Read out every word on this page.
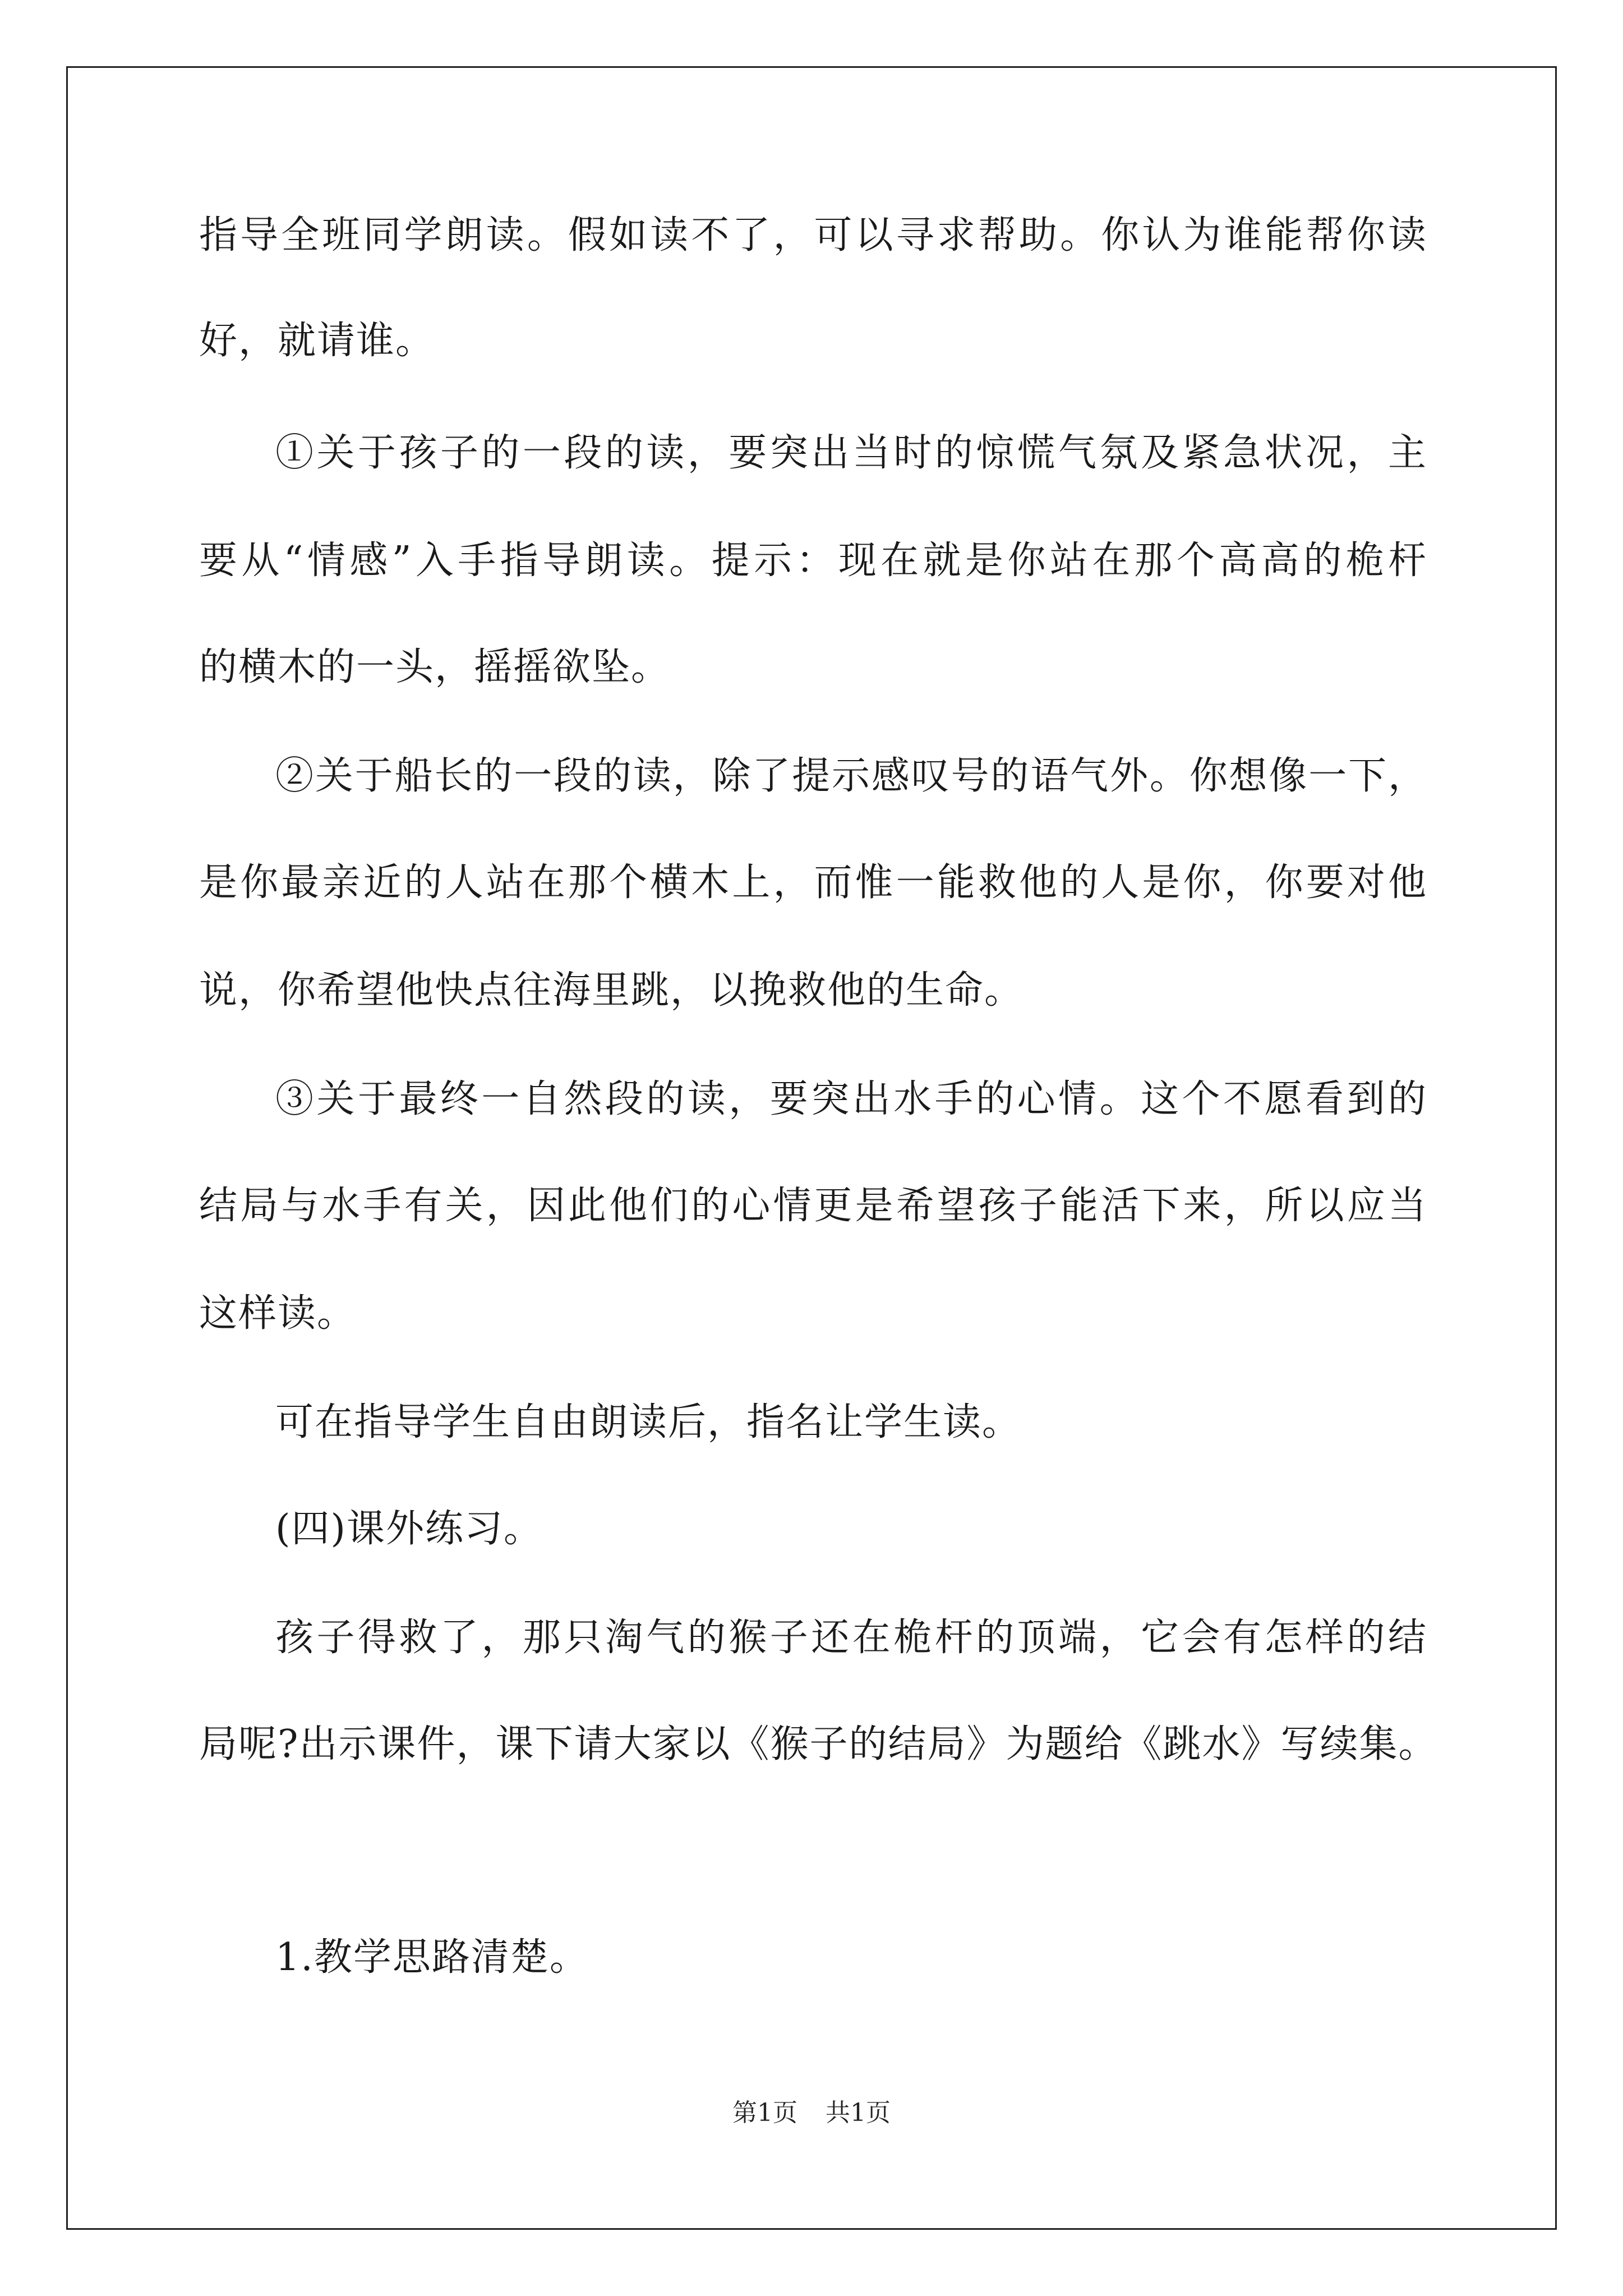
指导全班同学朗读。假如读不了，可以寻求帮助。你认为谁能帮你读
好，就请谁。
①关于孩子的一段的读，要突出当时的惊慌气氛及紧急状况，主
要从“情感”入手指导朗读。提示：现在就是你站在那个高高的桅杆
的横木的一头，摇摇欲坠。
②关于船长的一段的读，除了提示感叹号的语气外。你想像一下，
是你最亲近的人站在那个横木上，而惟一能救他的人是你，你要对他
说，你希望他快点往海里跳，以挽救他的生命。
③关于最终一自然段的读，要突出水手的心情。这个不愿看到的
结局与水手有关，因此他们的心情更是希望孩子能活下来，所以应当
这样读。
可在指导学生自由朗读后，指名让学生读。
(四)课外练习。
孩子得救了，那只淘气的猴子还在桅杆的顶端，它会有怎样的结
局呢?出示课件，课下请大家以《猴子的结局》为题给《跳水》写续集。
1.教学思路清楚。
第1页 共1页
